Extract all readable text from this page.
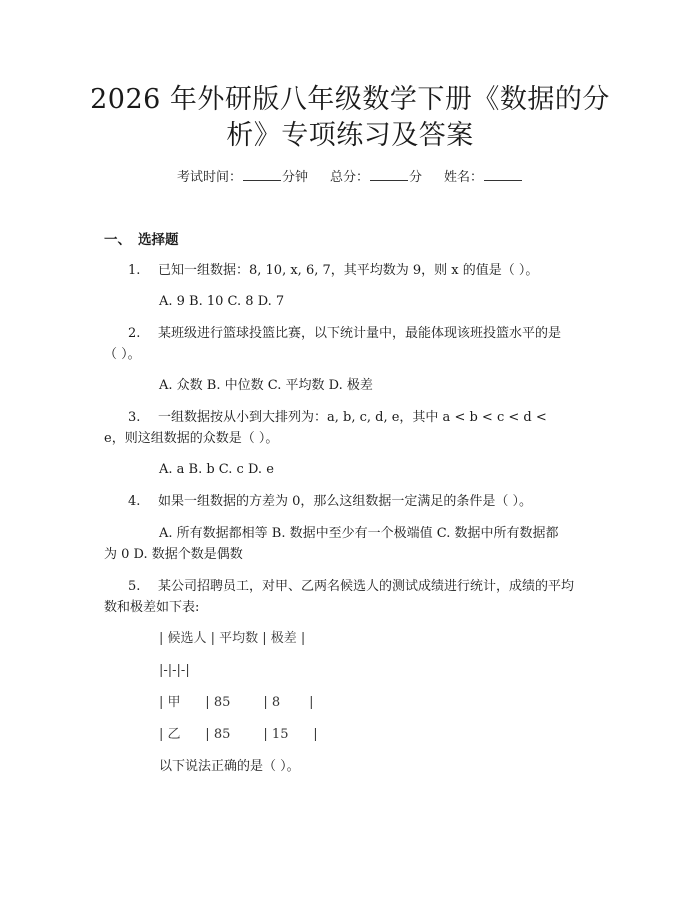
2026 年外研版八年级数学下册《数据的分
析》专项练习及答案
考试时间：	分钟 总分：	分 姓名：
一、 选择题
1. 已知一组数据：8, 10, x, 6, 7，其平均数为 9，则 x 的值是（ ）。
A. 9 B. 10 C. 8 D. 7
2. 某班级进行篮球投篮比赛，以下统计量中，最能体现该班投篮水平的是
（ ）。
A. 众数 B. 中位数 C. 平均数 D. 极差
3. 一组数据按从小到大排列为：a, b, c, d, e，其中 a < b < c < d <
e，则这组数据的众数是（ ）。
A. a B. b C. c D. e
4. 如果一组数据的方差为 0，那么这组数据一定满足的条件是（ ）。
A. 所有数据都相等 B. 数据中至少有一个极端值 C. 数据中所有数据都
为 0 D. 数据个数是偶数
5. 某公司招聘员工，对甲、乙两名候选人的测试成绩进行统计，成绩的平均
数和极差如下表:
| 候选人 | 平均数 | 极差 |
|-|-|-|
| 甲      | 85        | 8       |
| 乙      | 85        | 15      |
以下说法正确的是（ ）。
